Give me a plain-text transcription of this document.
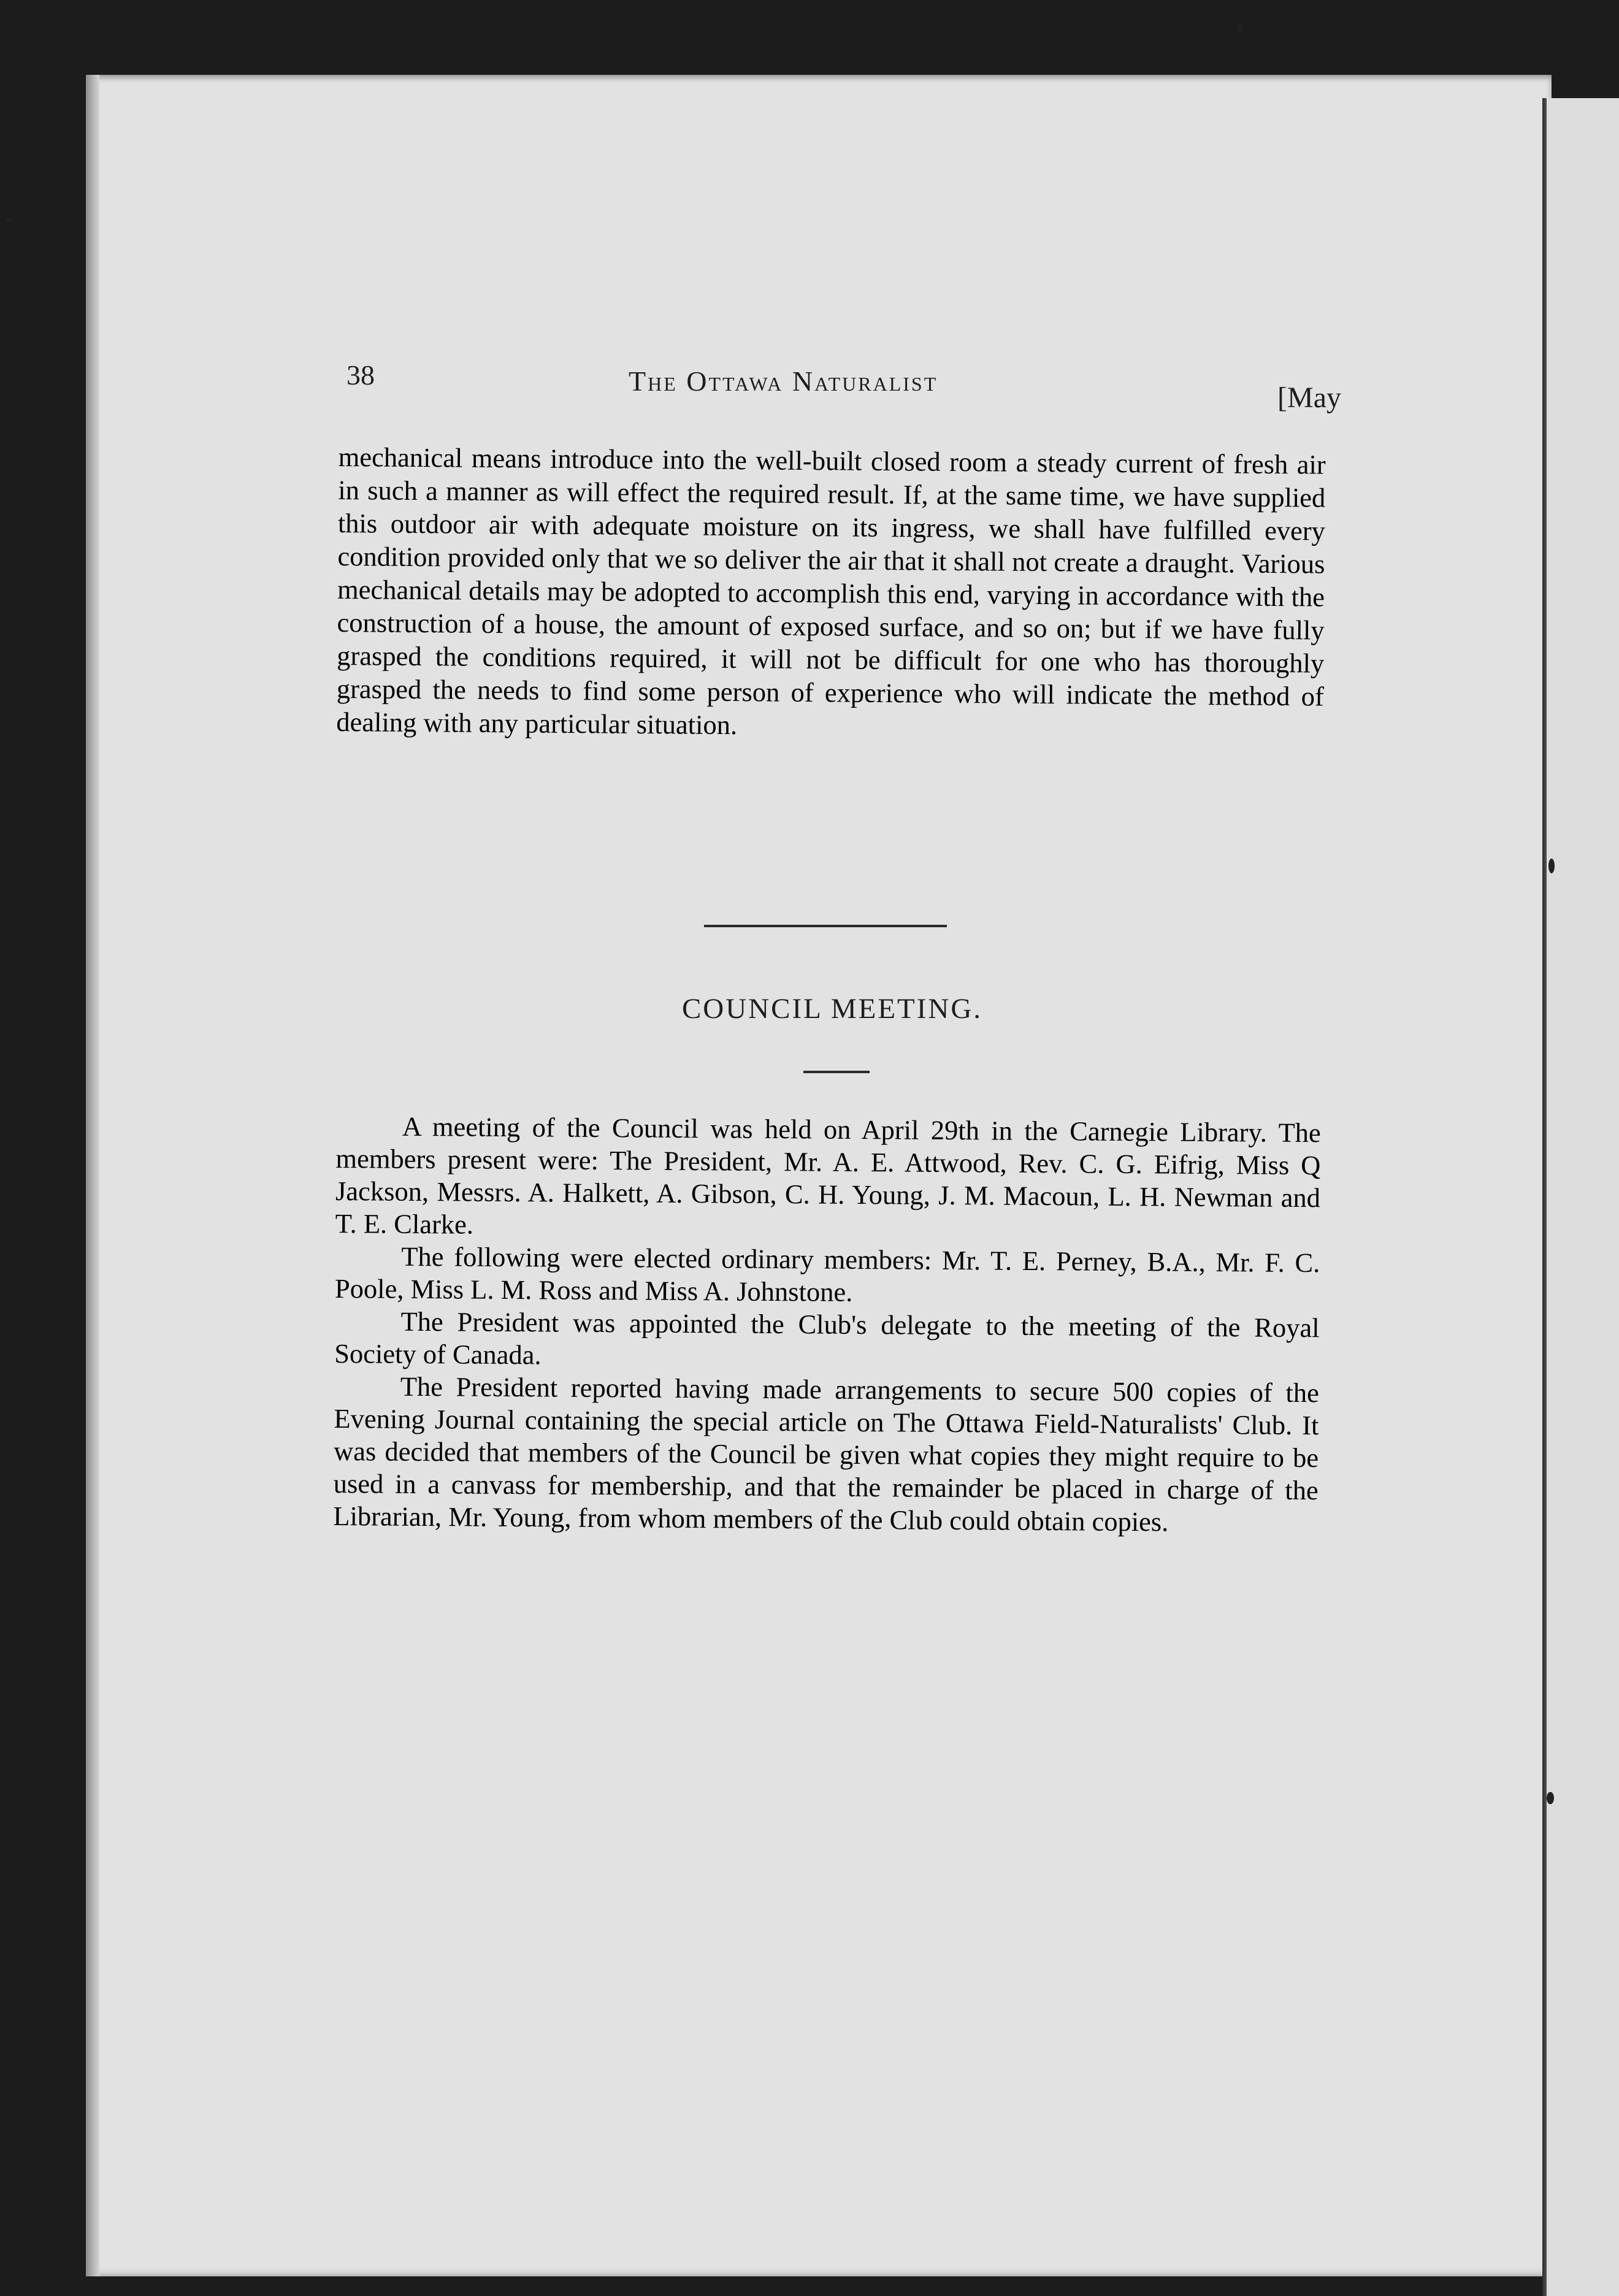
38	The Ottawa Naturalist
[May

mechanical means introduce into the well-built closed room a steady current of fresh air in such a manner as will effect the required result. If, at the same time, we have supplied this outdoor air with adequate moisture on its ingress, we shall have fulfilled every condition provided only that we so deliver the air that it shall not create a draught. Various mechanical details may be adopted to accomplish this end, varying in accordance with the construction of a house, the amount of exposed surface, and so on; but if we have fully grasped the conditions required, it will not be difficult for one who has thoroughly grasped the needs to find some person of experience who will indicate the method of dealing with any particular situation.

COUNCIL MEETING.

A meeting of the Council was held on April 29th in the Carnegie Library. The members present were: The President, Mr. A. E. Attwood, Rev. C. G. Eifrig, Miss Q Jackson, Messrs. A. Halkett, A. Gibson, C. H. Young, J. M. Macoun, L. H. Newman and T. E. Clarke.

The following were elected ordinary members: Mr. T. E. Perney, B.A., Mr. F. C. Poole, Miss L. M. Ross and Miss A. Johnstone.

The President was appointed the Club's delegate to the meeting of the Royal Society of Canada.

The President reported having made arrangements to secure 500 copies of the Evening Journal containing the special article on The Ottawa Field-Naturalists' Club. It was decided that members of the Council be given what copies they might require to be used in a canvass for membership, and that the remainder be placed in charge of the Librarian, Mr. Young, from whom members of the Club could obtain copies.
